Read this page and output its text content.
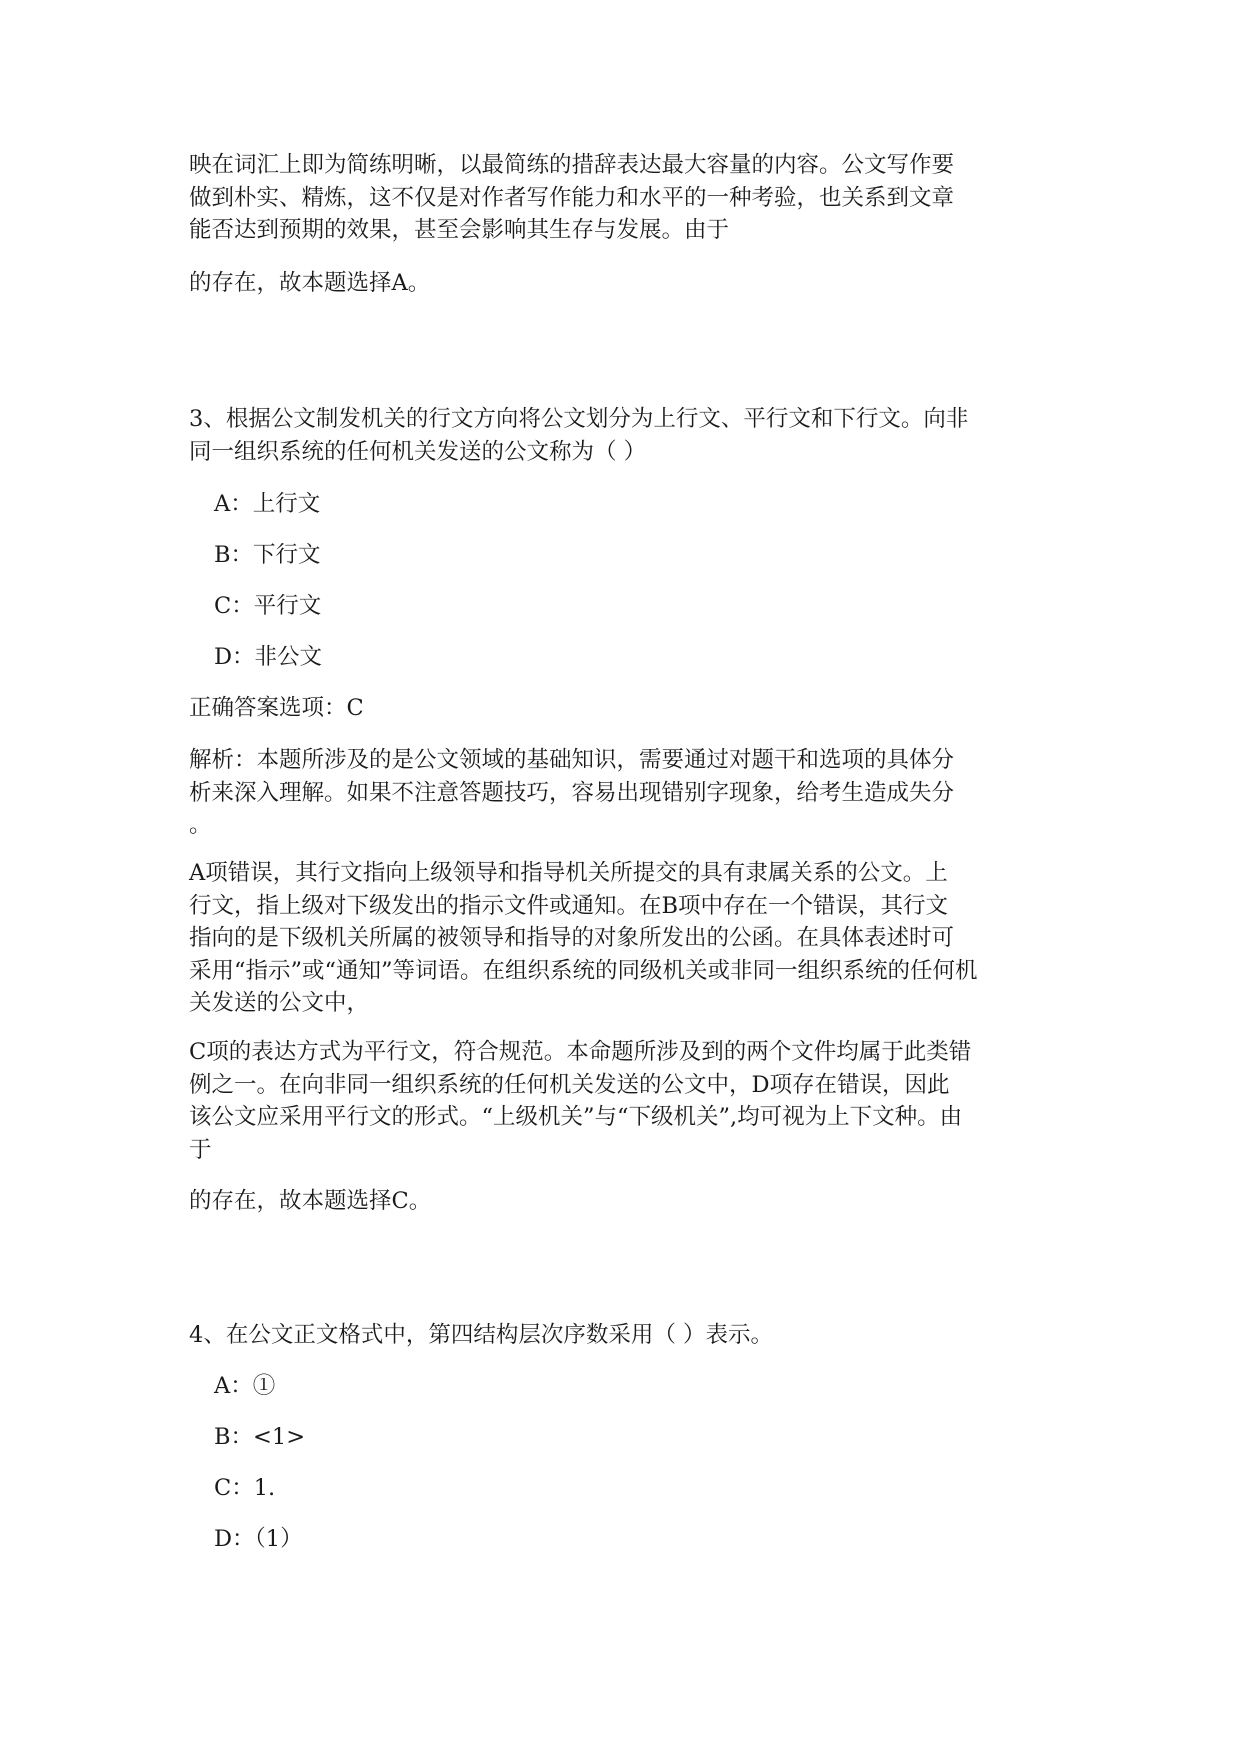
映在词汇上即为简练明晰，以最简练的措辞表达最大容量的内容。公文写作要
做到朴实、精炼，这不仅是对作者写作能力和水平的一种考验，也关系到文章
能否达到预期的效果，甚至会影响其生存与发展。由于

的存在，故本题选择A。

3、根据公文制发机关的行文方向将公文划分为上行文、平行文和下行文。向非
同一组织系统的任何机关发送的公文称为（ ）

A：上行文

B：下行文

C：平行文

D：非公文

正确答案选项：C

解析：本题所涉及的是公文领域的基础知识，需要通过对题干和选项的具体分
析来深入理解。如果不注意答题技巧，容易出现错别字现象，给考生造成失分
。
A项错误，其行文指向上级领导和指导机关所提交的具有隶属关系的公文。上
行文，指上级对下级发出的指示文件或通知。在B项中存在一个错误，其行文
指向的是下级机关所属的被领导和指导的对象所发出的公函。在具体表述时可
采用“指示”或“通知”等词语。在组织系统的同级机关或非同一组织系统的任何机
关发送的公文中，
C项的表达方式为平行文，符合规范。本命题所涉及到的两个文件均属于此类错
例之一。在向非同一组织系统的任何机关发送的公文中，D项存在错误，因此
该公文应采用平行文的形式。“上级机关”与“下级机关”,均可视为上下文种。由
于

的存在，故本题选择C。

4、在公文正文格式中，第四结构层次序数采用（ ）表示。

A：①

B：<1>

C：1.

D：（1）
